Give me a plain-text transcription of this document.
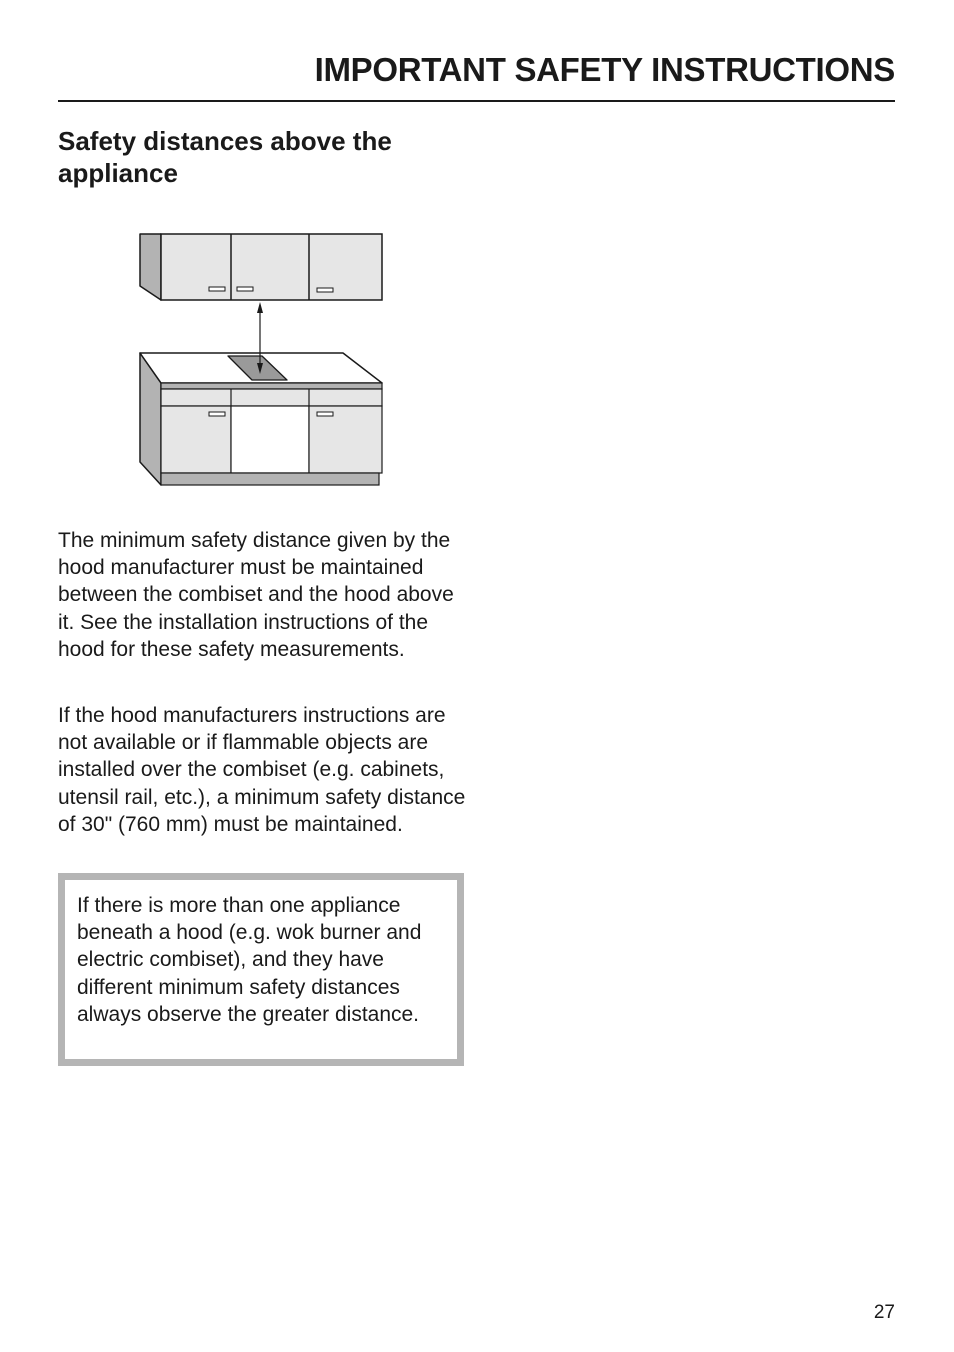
IMPORTANT SAFETY INSTRUCTIONS
Safety distances above the appliance

The minimum safety distance given by the hood manufacturer must be maintained between the combiset and the hood above it. See the installation instructions of the hood for these safety measurements.

If the hood manufacturers instructions are not available or if flammable objects are installed over the combiset (e.g. cabinets, utensil rail, etc.), a minimum safety distance of 30" (760 mm) must be maintained.

If there is more than one appliance beneath a hood (e.g. wok burner and electric combiset), and they have different minimum safety distances always observe the greater distance.

27
